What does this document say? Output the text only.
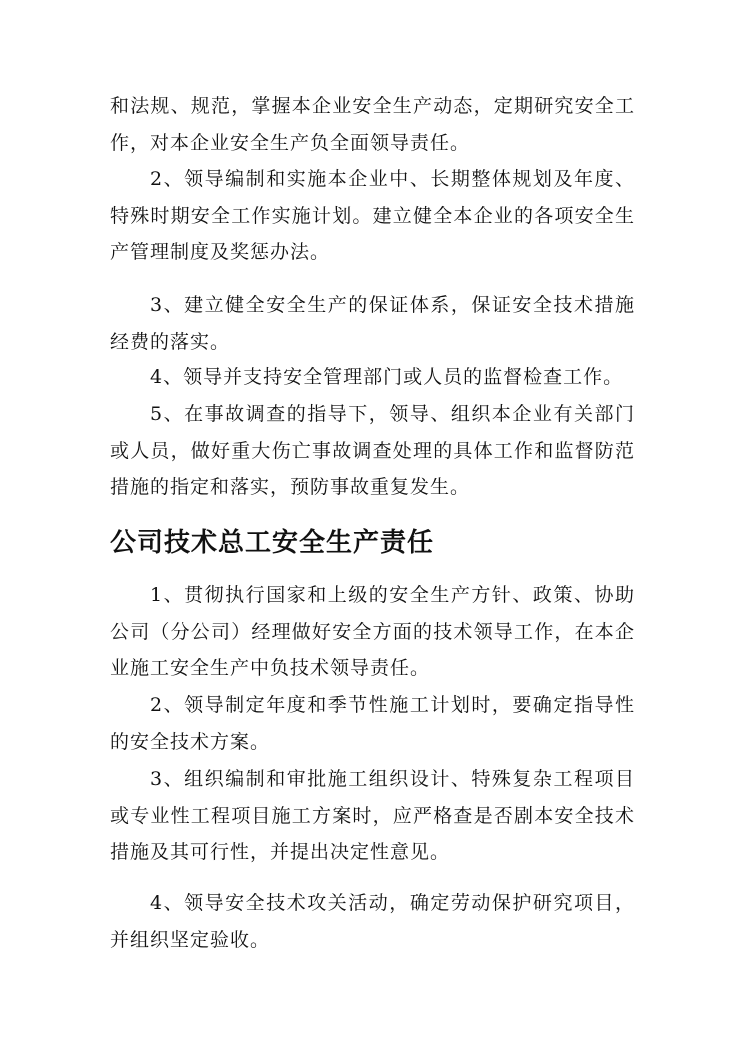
和法规、规范，掌握本企业安全生产动态，定期研究安全工作，对本企业安全生产负全面领导责任。

2、领导编制和实施本企业中、长期整体规划及年度、特殊时期安全工作实施计划。建立健全本企业的各项安全生产管理制度及奖惩办法。

3、建立健全安全生产的保证体系，保证安全技术措施经费的落实。

4、领导并支持安全管理部门或人员的监督检查工作。

5、在事故调查的指导下，领导、组织本企业有关部门或人员，做好重大伤亡事故调查处理的具体工作和监督防范措施的指定和落实，预防事故重复发生。

公司技术总工安全生产责任

1、贯彻执行国家和上级的安全生产方针、政策、协助公司（分公司）经理做好安全方面的技术领导工作，在本企业施工安全生产中负技术领导责任。

2、领导制定年度和季节性施工计划时，要确定指导性的安全技术方案。

3、组织编制和审批施工组织设计、特殊复杂工程项目或专业性工程项目施工方案时，应严格查是否剧本安全技术措施及其可行性，并提出决定性意见。

4、领导安全技术攻关活动，确定劳动保护研究项目，并组织坚定验收。
